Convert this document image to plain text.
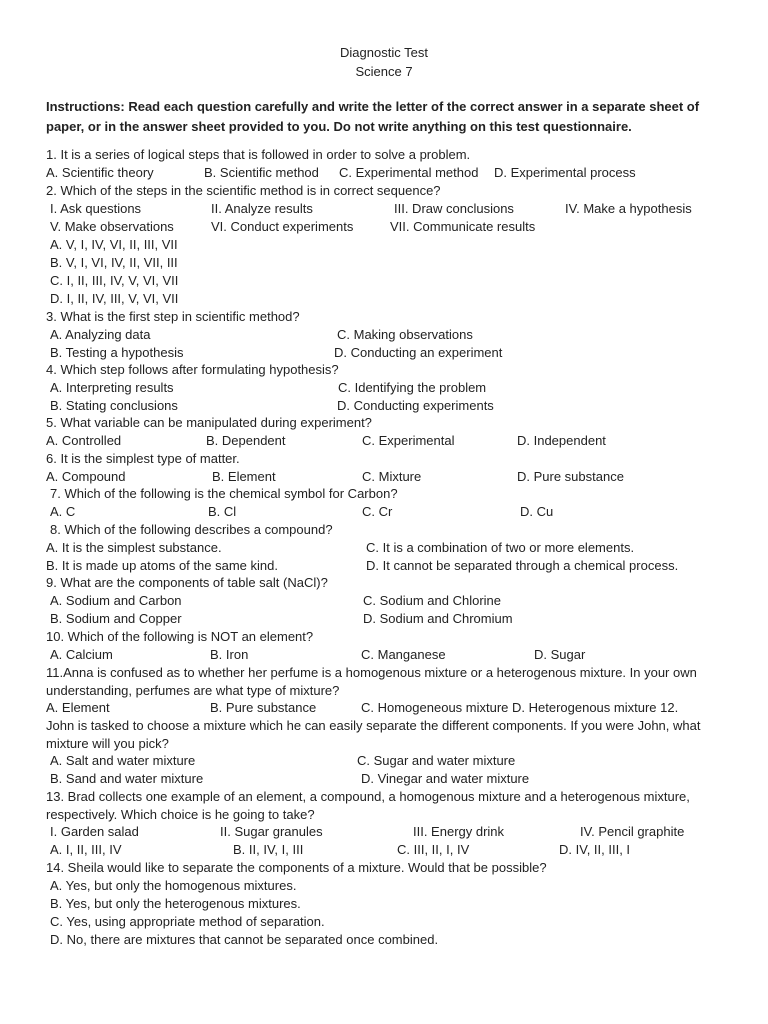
Diagnostic Test
Science 7
Instructions: Read each question carefully and write the letter of the correct answer in a separate sheet of paper, or in the answer sheet provided to you. Do not write anything on this test questionnaire.
1. It is a series of logical steps that is followed in order to solve a problem.
A. Scientific theory	B. Scientific method C. Experimental method D. Experimental process
2. Which of the steps in the scientific method is in correct sequence?
I. Ask questions	II. Analyze results	III. Draw conclusions	IV. Make a hypothesis
V. Make observations	VI. Conduct experiments	VII. Communicate results
A. V, I, IV, VI, II, III, VII
B. V, I, VI, IV, II, VII, III
C. I, II, III, IV, V, VI, VII
D. I, II, IV, III, V, VI, VII
3. What is the first step in scientific method?
A. Analyzing data	C. Making observations
B. Testing a hypothesis	D. Conducting an experiment
4. Which step follows after formulating hypothesis?
A. Interpreting results	C. Identifying the problem
B. Stating conclusions	D. Conducting experiments
5. What variable can be manipulated during experiment?
A. Controlled	B. Dependent	C. Experimental	D. Independent
6. It is the simplest type of matter.
A. Compound	B. Element	C. Mixture	D. Pure substance
7. Which of the following is the chemical symbol for Carbon?
A. C	B. Cl	C. Cr	D. Cu
8. Which of the following describes a compound?
A. It is the simplest substance.	C. It is a combination of two or more elements.
B. It is made up atoms of the same kind.	D. It cannot be separated through a chemical process.
9. What are the components of table salt (NaCl)?
A. Sodium and Carbon	C. Sodium and Chlorine
B. Sodium and Copper	D. Sodium and Chromium
10. Which of the following is NOT an element?
A. Calcium	B. Iron	C. Manganese	D. Sugar
11.Anna is confused as to whether her perfume is a homogenous mixture or a heterogenous mixture. In your own understanding, perfumes are what type of mixture?
A. Element	B. Pure substance	C. Homogeneous mixture D. Heterogenous mixture 12.
John is tasked to choose a mixture which he can easily separate the different components. If you were John, what mixture will you pick?
A. Salt and water mixture	C. Sugar and water mixture
B. Sand and water mixture	D. Vinegar and water mixture
13. Brad collects one example of an element, a compound, a homogenous mixture and a heterogenous mixture, respectively. Which choice is he going to take?
I. Garden salad	II. Sugar granules	III. Energy drink	IV. Pencil graphite
A. I, II, III, IV	B. II, IV, I, III	C. III, II, I, IV	D. IV, II, III, I
14. Sheila would like to separate the components of a mixture. Would that be possible?
A. Yes, but only the homogenous mixtures.
B. Yes, but only the heterogenous mixtures.
C. Yes, using appropriate method of separation.
D. No, there are mixtures that cannot be separated once combined.
